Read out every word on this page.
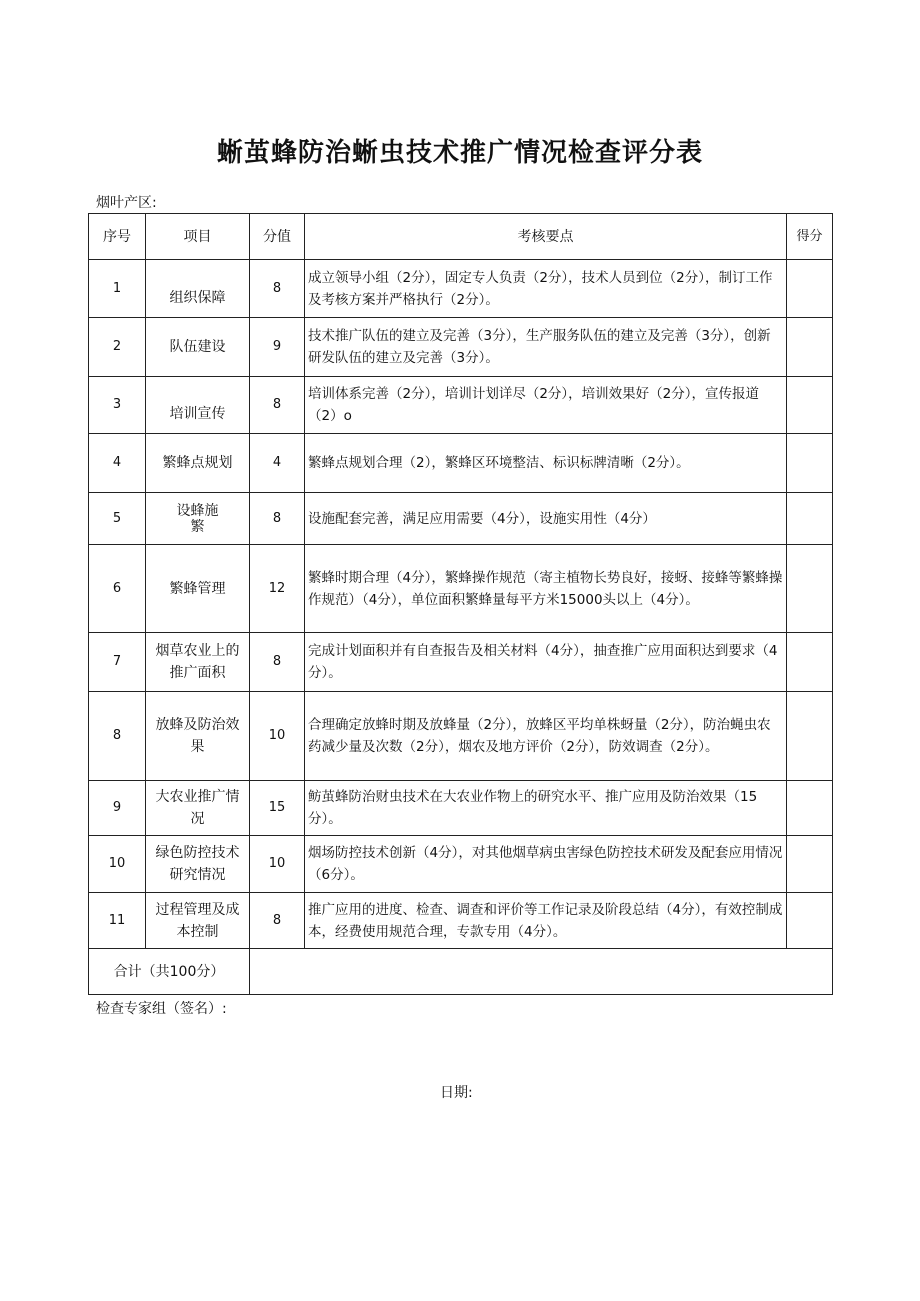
蜥茧蜂防治蜥虫技术推广情况检查评分表
烟叶产区:
序号	项目	分值	考核要点	得分
1	组织保障	8	成立领导小组（2分），固定专人负责（2分），技术人员到位（2分），制订工作及考核方案并严格执行（2分）。	
2	队伍建设	9	技术推广队伍的建立及完善（3分），生产服务队伍的建立及完善（3分），创新研发队伍的建立及完善（3分）。	
3	培训宣传	8	培训体系完善（2分），培训计划详尽（2分），培训效果好（2分），宣传报道（2）o	
4	繁蜂点规划	4	繁蜂点规划合理（2），繁蜂区环境整洁、标识标牌清晰（2分）。	
5	设蜂施繁	8	设施配套完善，满足应用需要（4分），设施实用性（4分）	
6	繁蜂管理	12	繁蜂时期合理（4分），繁蜂操作规范（寄主植物长势良好，接蚜、接蜂等繁蜂操作规范）（4分），单位面积繁蜂量每平方米15000头以上（4分）。	
7	烟草农业上的推广面积	8	完成计划面积并有自查报告及相关材料（4分），抽查推广应用面积达到要求（4分）。	
8	放蜂及防治效果	10	合理确定放蜂时期及放蜂量（2分），放蜂区平均单株蚜量（2分），防治蝇虫农药减少量及次数（2分），烟农及地方评价（2分），防效调查（2分）。	
9	大农业推广情况	15	鲂茧蜂防治财虫技术在大农业作物上的研究水平、推广应用及防治效果（15分）。	
10	绿色防控技术研究情况	10	烟场防控技术创新（4分），对其他烟草病虫害绿色防控技术研发及配套应用情况（6分）。	
11	过程管理及成本控制	8	推广应用的进度、检查、调查和评价等工作记录及阶段总结（4分），有效控制成本，经费使用规范合理，专款专用（4分）。	
合计（共100分）				
检查专家组（签名）:
日期:
